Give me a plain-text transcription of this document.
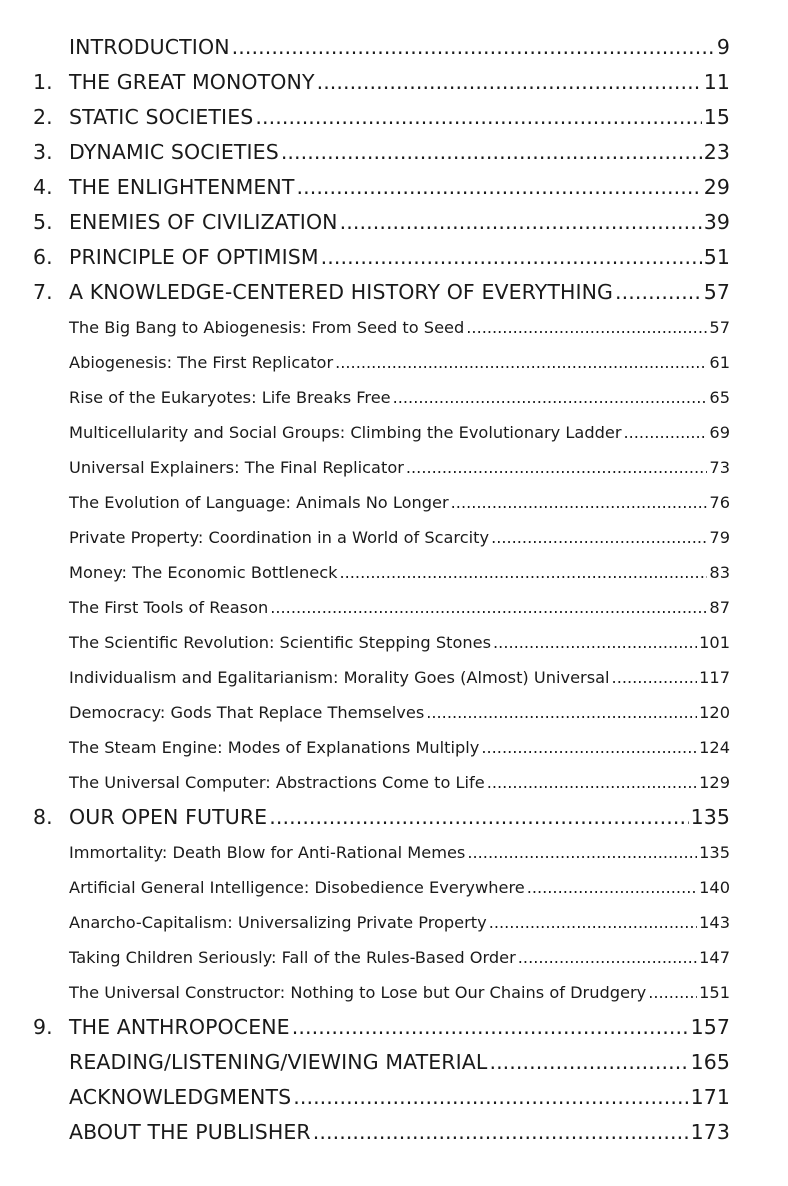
INTRODUCTION .....	9
1. THE GREAT MONOTONY .....	11
2. STATIC SOCIETIES .....	15
3. DYNAMIC SOCIETIES .....	23
4. THE ENLIGHTENMENT .....	29
5. ENEMIES OF CIVILIZATION .....	39
6. PRINCIPLE OF OPTIMISM .....	51
7. A KNOWLEDGE-CENTERED HISTORY OF EVERYTHING .....	57
The Big Bang to Abiogenesis: From Seed to Seed .....	57
Abiogenesis: The First Replicator .....	61
Rise of the Eukaryotes: Life Breaks Free .....	65
Multicellularity and Social Groups: Climbing the Evolutionary Ladder .....	69
Universal Explainers: The Final Replicator .....	73
The Evolution of Language: Animals No Longer .....	76
Private Property: Coordination in a World of Scarcity .....	79
Money: The Economic Bottleneck .....	83
The First Tools of Reason .....	87
The Scientific Revolution: Scientific Stepping Stones .....	101
Individualism and Egalitarianism: Morality Goes (Almost) Universal .....	117
Democracy: Gods That Replace Themselves .....	120
The Steam Engine: Modes of Explanations Multiply .....	124
The Universal Computer: Abstractions Come to Life .....	129
8. OUR OPEN FUTURE .....	135
Immortality: Death Blow for Anti-Rational Memes .....	135
Artificial General Intelligence: Disobedience Everywhere .....	140
Anarcho-Capitalism: Universalizing Private Property .....	143
Taking Children Seriously: Fall of the Rules-Based Order .....	147
The Universal Constructor: Nothing to Lose but Our Chains of Drudgery .....	151
9. THE ANTHROPOCENE .....	157
READING/LISTENING/VIEWING MATERIAL .....	165
ACKNOWLEDGMENTS .....	171
ABOUT THE PUBLISHER .....	173
